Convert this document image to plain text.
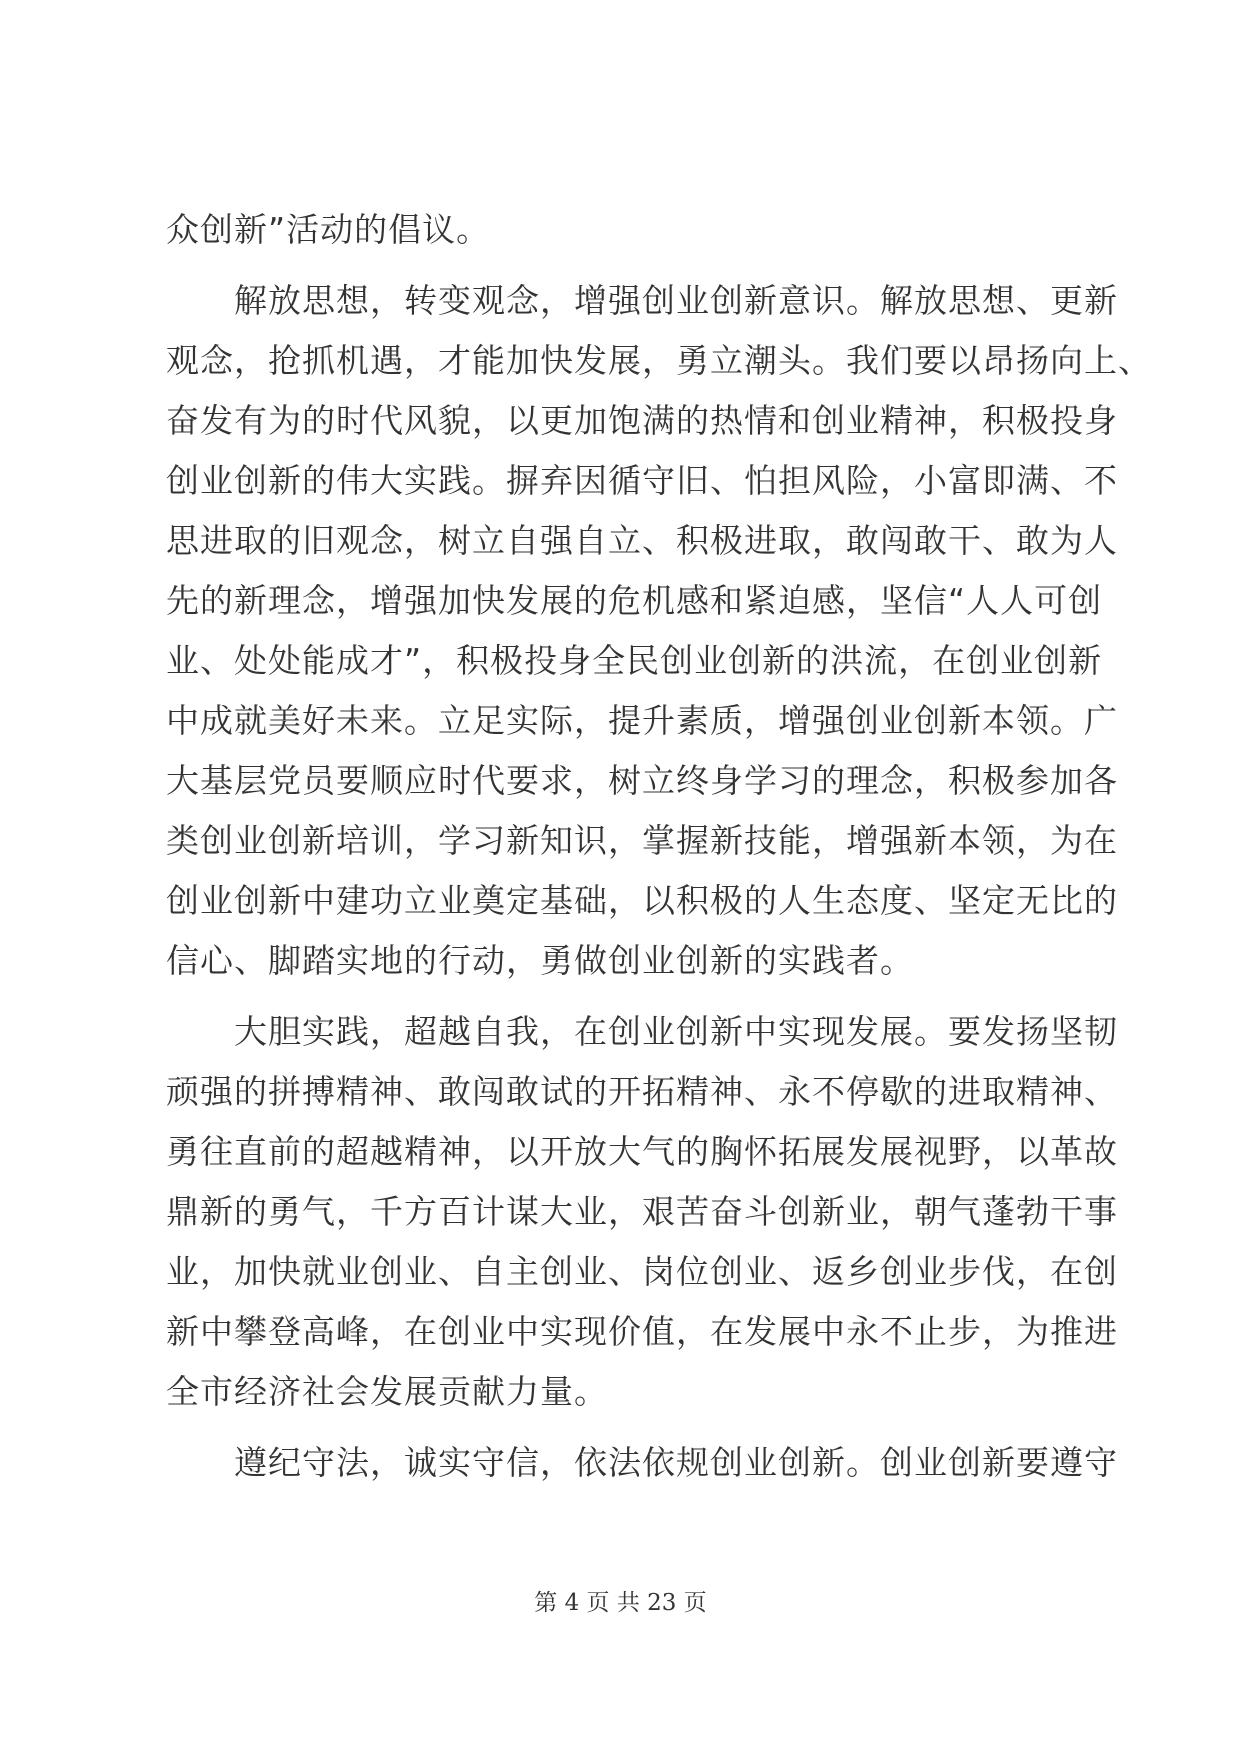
众创新”活动的倡议。
　　解放思想，转变观念，增强创业创新意识。解放思想、更新
观念，抢抓机遇，才能加快发展，勇立潮头。我们要以昂扬向上、
奋发有为的时代风貌，以更加饱满的热情和创业精神，积极投身
创业创新的伟大实践。摒弃因循守旧、怕担风险，小富即满、不
思进取的旧观念，树立自强自立、积极进取，敢闯敢干、敢为人
先的新理念，增强加快发展的危机感和紧迫感，坚信“人人可创
业、处处能成才”，积极投身全民创业创新的洪流，在创业创新
中成就美好未来。立足实际，提升素质，增强创业创新本领。广
大基层党员要顺应时代要求，树立终身学习的理念，积极参加各
类创业创新培训，学习新知识，掌握新技能，增强新本领，为在
创业创新中建功立业奠定基础，以积极的人生态度、坚定无比的
信心、脚踏实地的行动，勇做创业创新的实践者。
　　大胆实践，超越自我，在创业创新中实现发展。要发扬坚韧
顽强的拼搏精神、敢闯敢试的开拓精神、永不停歇的进取精神、
勇往直前的超越精神，以开放大气的胸怀拓展发展视野，以革故
鼎新的勇气，千方百计谋大业，艰苦奋斗创新业，朝气蓬勃干事
业，加快就业创业、自主创业、岗位创业、返乡创业步伐，在创
新中攀登高峰，在创业中实现价值，在发展中永不止步，为推进
全市经济社会发展贡献力量。
　　遵纪守法，诚实守信，依法依规创业创新。创业创新要遵守
第 4 页 共 23 页
